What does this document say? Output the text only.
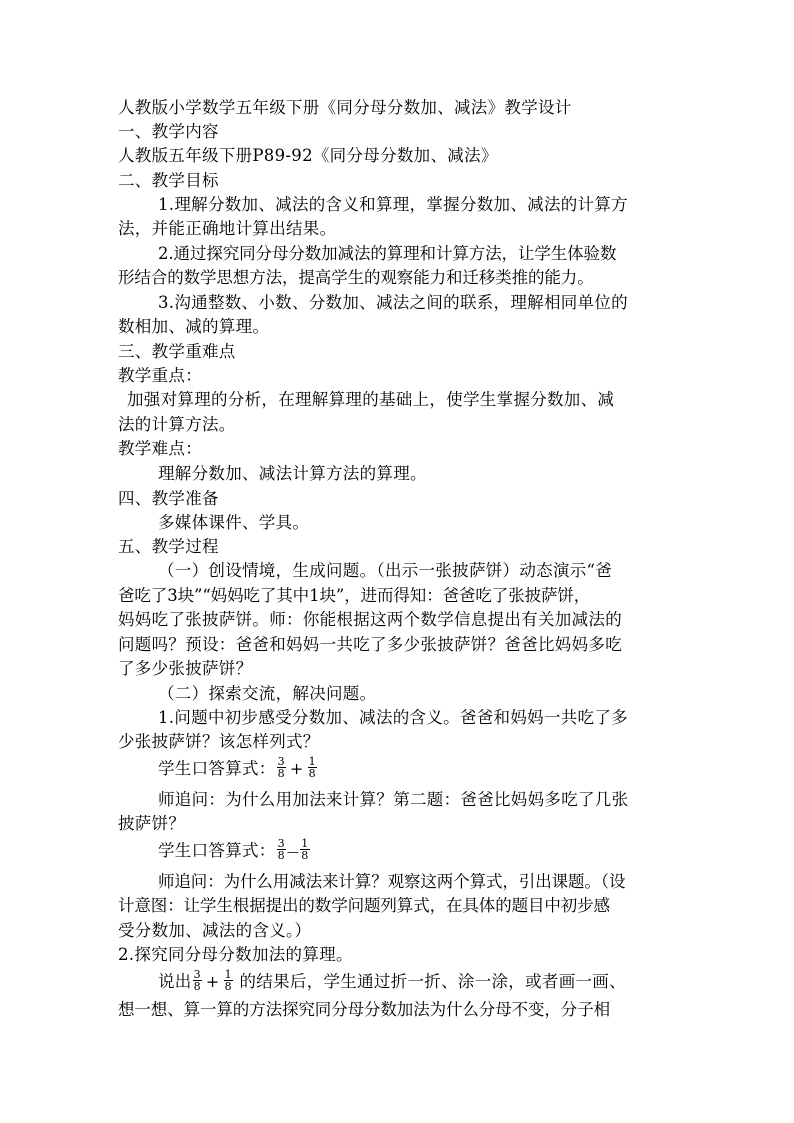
人教版小学数学五年级下册《同分母分数加、减法》教学设计
一、教学内容
人教版五年级下册P89-92《同分母分数加、减法》
二、教学目标
1.理解分数加、减法的含义和算理，掌握分数加、减法的计算方
法，并能正确地计算出结果。
2.通过探究同分母分数加减法的算理和计算方法，让学生体验数
形结合的数学思想方法，提高学生的观察能力和迁移类推的能力。
3.沟通整数、小数、分数加、减法之间的联系，理解相同单位的
数相加、减的算理。
三、教学重难点
教学重点：
加强对算理的分析，在理解算理的基础上，使学生掌握分数加、减
法的计算方法。
教学难点：
理解分数加、减法计算方法的算理。
四、教学准备
多媒体课件、学具。
五、教学过程
（一）创设情境，生成问题。（出示一张披萨饼）动态演示“爸
爸吃了3块”“妈妈吃了其中1块”，进而得知：爸爸吃了张披萨饼，
妈妈吃了张披萨饼。师：你能根据这两个数学信息提出有关加减法的
问题吗？预设：爸爸和妈妈一共吃了多少张披萨饼？爸爸比妈妈多吃
了多少张披萨饼？
（二）探索交流，解决问题。
1.问题中初步感受分数加、减法的含义。爸爸和妈妈一共吃了多
少张披萨饼？该怎样列式？
学生口答算式： $\frac{3}{8} + \frac{1}{8}$
师追问：为什么用加法来计算？第二题：爸爸比妈妈多吃了几张
披萨饼？
学生口答算式： $\frac{3}{8}$ — $\frac{1}{8}$
师追问：为什么用减法来计算？观察这两个算式，引出课题。（设
计意图：让学生根据提出的数学问题列算式，在具体的题目中初步感
受分数加、减法的含义。）
2.探究同分母分数加法的算理。
说出 $\frac{3}{8} + \frac{1}{8}$ 的结果后，学生通过折一折、涂一涂，或者画一画、
想一想、算一算的方法探究同分母分数加法为什么分母不变，分子相
